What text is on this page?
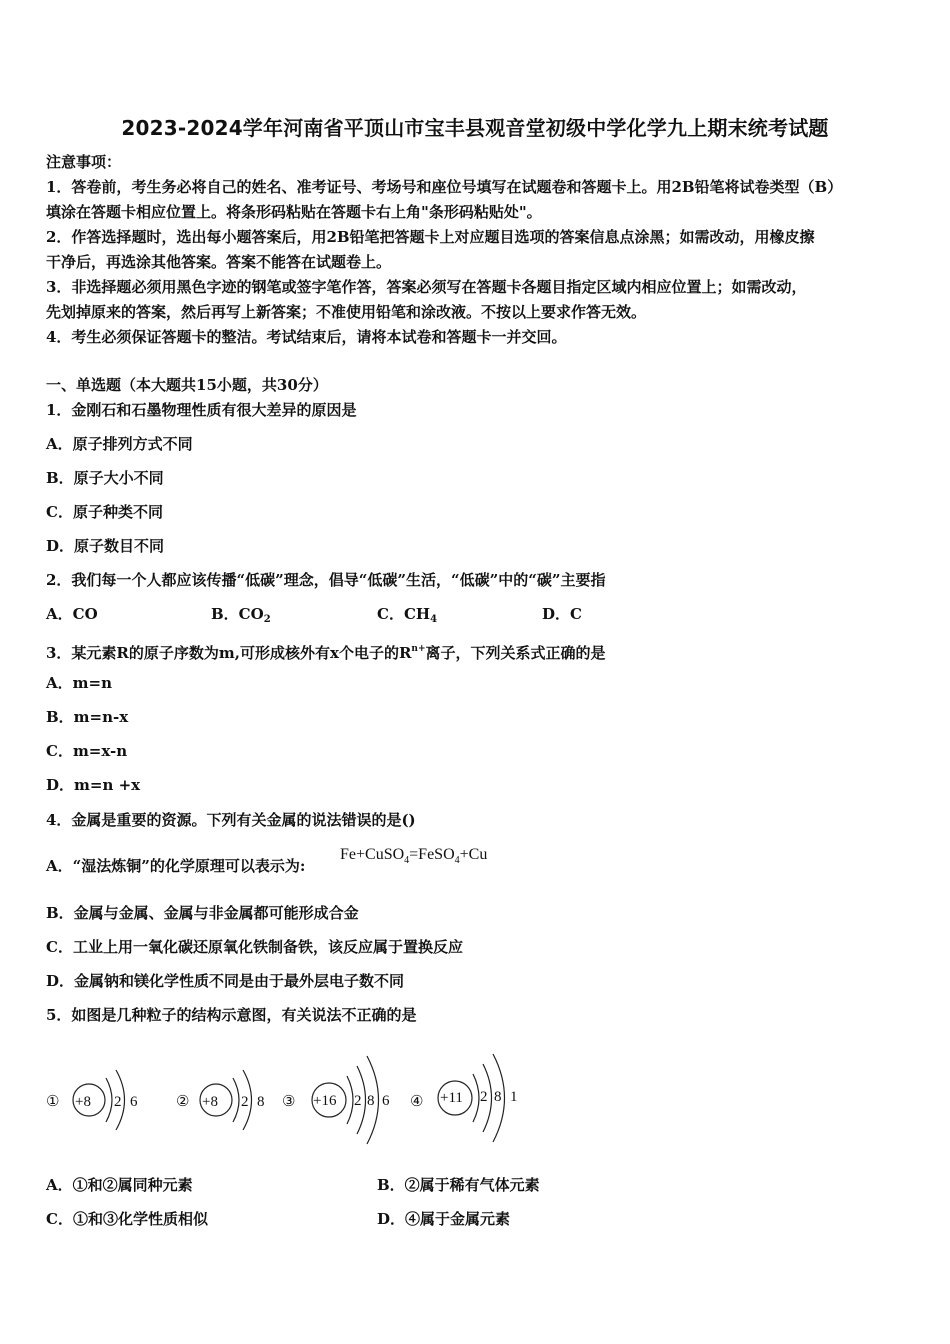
2023-2024学年河南省平顶山市宝丰县观音堂初级中学化学九上期末统考试题
注意事项：
1．答卷前，考生务必将自己的姓名、准考证号、考场号和座位号填写在试题卷和答题卡上。用2B铅笔将试卷类型（B）
填涂在答题卡相应位置上。将条形码粘贴在答题卡右上角"条形码粘贴处"。
2．作答选择题时，选出每小题答案后，用2B铅笔把答题卡上对应题目选项的答案信息点涂黑；如需改动，用橡皮擦
干净后，再选涂其他答案。答案不能答在试题卷上。
3．非选择题必须用黑色字迹的钢笔或签字笔作答，答案必须写在答题卡各题目指定区域内相应位置上；如需改动，
先划掉原来的答案，然后再写上新答案；不准使用铅笔和涂改液。不按以上要求作答无效。
4．考生必须保证答题卡的整洁。考试结束后，请将本试卷和答题卡一并交回。
一、单选题（本大题共15小题，共30分）
1．金刚石和石墨物理性质有很大差异的原因是
A．原子排列方式不同
B．原子大小不同
C．原子种类不同
D．原子数目不同
2．我们每一个人都应该传播“低碳”理念，倡导“低碳”生活，“低碳”中的“碳”主要指
A．CO	B．$CO_2$	C．$CH_4$	D．C
3．某元素R的原子序数为m,可形成核外有x个电子的$R^{n+}$离子，下列关系式正确的是
A．m=n
B．m=n-x
C．m=x-n
D．m=n +x
4．金属是重要的资源。下列有关金属的说法错误的是()
A．“湿法炼铜”的化学原理可以表示为:
Fe+CuSO$_4$=FeSO$_4$+Cu
B．金属与金属、金属与非金属都可能形成合金
C．工业上用一氧化碳还原氧化铁制备铁，该反应属于置换反应
D．金属钠和镁化学性质不同是由于最外层电子数不同
5．如图是几种粒子的结构示意图，有关说法不正确的是
① +8 2 6	② +8 2 8 ③ +16 2 8 6 ④ +11 2 8 1
A．①和②属同种元素	B．②属于稀有气体元素
C．①和③化学性质相似	D．④属于金属元素
